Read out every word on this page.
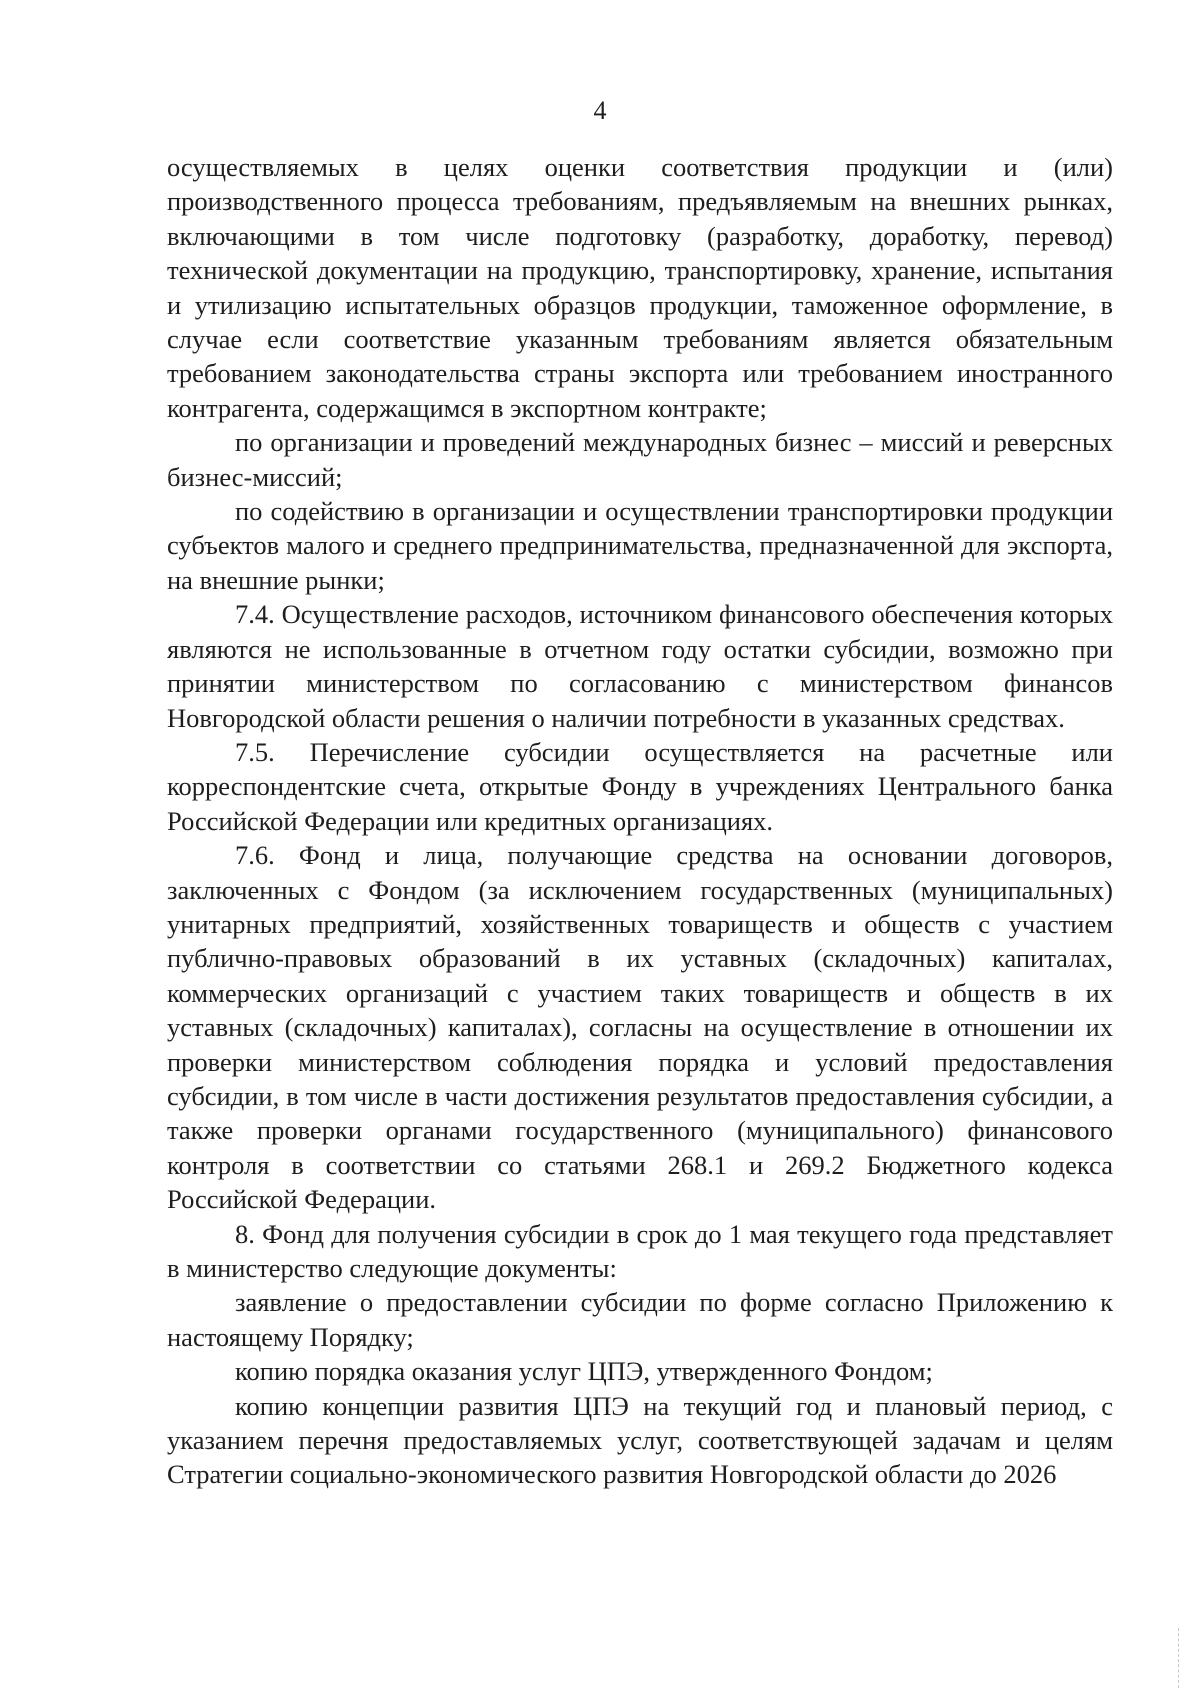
4

осуществляемых в целях оценки соответствия продукции и (или) производственного процесса требованиям, предъявляемым на внешних рынках, включающими в том числе подготовку (разработку, доработку, перевод) технической документации на продукцию, транспортировку, хранение, испытания и утилизацию испытательных образцов продукции, таможенное оформление, в случае если соответствие указанным требованиям является обязательным требованием законодательства страны экспорта или требованием иностранного контрагента, содержащимся в экспортном контракте;

по организации и проведений международных бизнес – миссий и реверсных бизнес-миссий;

по содействию в организации и осуществлении транспортировки продукции субъектов малого и среднего предпринимательства, предназначенной для экспорта, на внешние рынки;

7.4. Осуществление расходов, источником финансового обеспечения которых являются не использованные в отчетном году остатки субсидии, возможно при принятии министерством по согласованию с министерством финансов Новгородской области решения о наличии потребности в указанных средствах.

7.5. Перечисление субсидии осуществляется на расчетные или корреспондентские счета, открытые Фонду в учреждениях Центрального банка Российской Федерации или кредитных организациях.

7.6. Фонд и лица, получающие средства на основании договоров, заключенных с Фондом (за исключением государственных (муниципальных) унитарных предприятий, хозяйственных товариществ и обществ с участием публично-правовых образований в их уставных (складочных) капиталах, коммерческих организаций с участием таких товариществ и обществ в их уставных (складочных) капиталах), согласны на осуществление в отношении их проверки министерством соблюдения порядка и условий предоставления субсидии, в том числе в части достижения результатов предоставления субсидии, а также проверки органами государственного (муниципального) финансового контроля в соответствии со статьями 268.1 и 269.2 Бюджетного кодекса Российской Федерации.

8. Фонд для получения субсидии в срок до 1 мая текущего года представляет в министерство следующие документы:

заявление о предоставлении субсидии по форме согласно Приложению к настоящему Порядку;

копию порядка оказания услуг ЦПЭ, утвержденного Фондом;

копию концепции развития ЦПЭ на текущий год и плановый период, с указанием перечня предоставляемых услуг, соответствующей задачам и целям Стратегии социально-экономического развития Новгородской области до 2026
